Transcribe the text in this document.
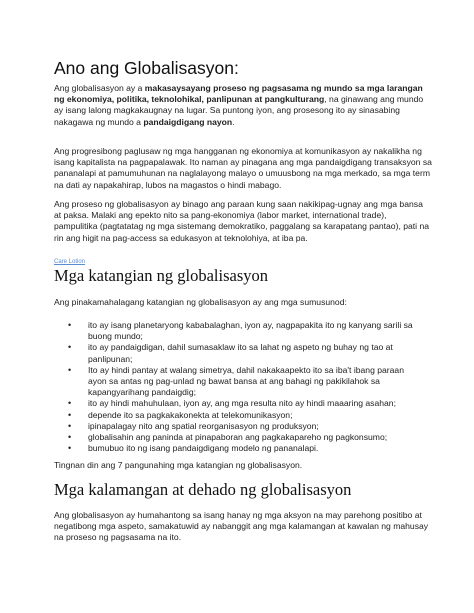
Ano ang Globalisasyon:

Ang globalisasyon ay a makasaysayang proseso ng pagsasama ng mundo sa mga larangan ng ekonomiya, politika, teknolohikal, panlipunan at pangkulturang, na ginawang ang mundo ay isang lalong magkakaugnay na lugar. Sa puntong iyon, ang prosesong ito ay sinasabing nakagawa ng mundo a pandaigdigang nayon.

Ang progresibong paglusaw ng mga hangganan ng ekonomiya at komunikasyon ay nakalikha ng isang kapitalista na pagpapalawak. Ito naman ay pinagana ang mga pandaigdigang transaksyon sa pananalapi at pamumuhunan na naglalayong malayo o umuusbong na mga merkado, sa mga term na dati ay napakahirap, lubos na magastos o hindi mabago.

Ang proseso ng globalisasyon ay binago ang paraan kung saan nakikipag-ugnay ang mga bansa at paksa. Malaki ang epekto nito sa pang-ekonomiya (labor market, international trade), pampulitika (pagtatatag ng mga sistemang demokratiko, paggalang sa karapatang pantao), pati na rin ang higit na pag-access sa edukasyon at teknolohiya, at iba pa.

Care Lotion
Mga katangian ng globalisasyon

Ang pinakamahalagang katangian ng globalisasyon ay ang mga sumusunod:

• ito ay isang planetaryong kababalaghan, iyon ay, nagpapakita ito ng kanyang sarili sa buong mundo;
• ito ay pandaigdigan, dahil sumasaklaw ito sa lahat ng aspeto ng buhay ng tao at panlipunan;
• Ito ay hindi pantay at walang simetrya, dahil nakakaapekto ito sa iba't ibang paraan ayon sa antas ng pag-unlad ng bawat bansa at ang bahagi ng pakikilahok sa kapangyarihang pandaigdig;
• ito ay hindi mahuhulaan, iyon ay, ang mga resulta nito ay hindi maaaring asahan;
• depende ito sa pagkakakonekta at telekomunikasyon;
• ipinapalagay nito ang spatial reorganisasyon ng produksyon;
• globalisahin ang paninda at pinapaboran ang pagkakapareho ng pagkonsumo;
• bumubuo ito ng isang pandaigdigang modelo ng pananalapi.

Tingnan din ang 7 pangunahing mga katangian ng globalisasyon.

Mga kalamangan at dehado ng globalisasyon

Ang globalisasyon ay humahantong sa isang hanay ng mga aksyon na may parehong positibo at negatibong mga aspeto, samakatuwid ay nabanggit ang mga kalamangan at kawalan ng mahusay na proseso ng pagsasama na ito.
